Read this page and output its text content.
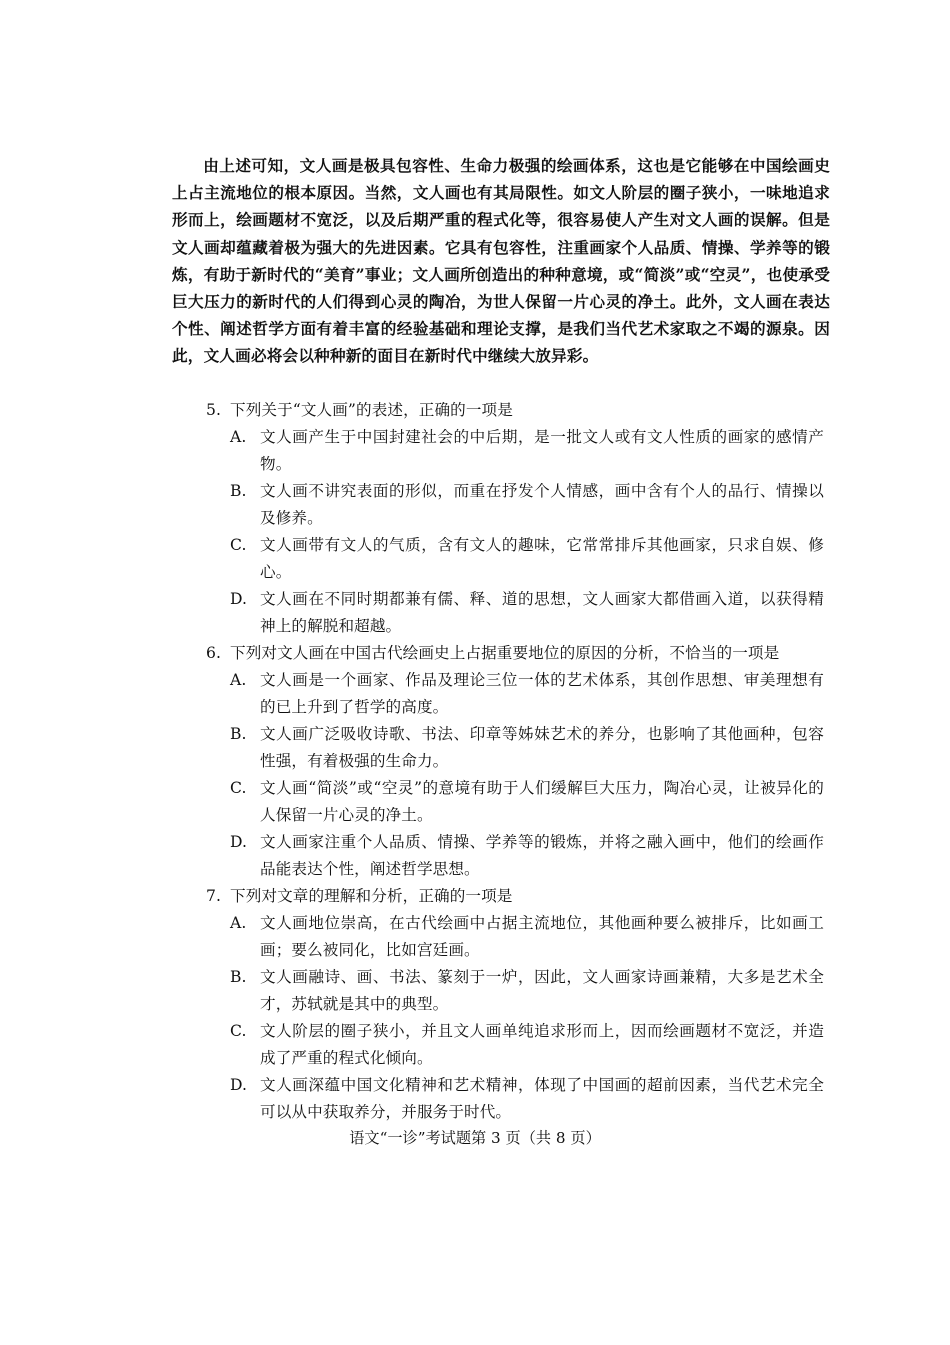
由上述可知，文人画是极具包容性、生命力极强的绘画体系，这也是它能够在中国绘画史上占主流地位的根本原因。当然，文人画也有其局限性。如文人阶层的圈子狭小，一味地追求形而上，绘画题材不宽泛，以及后期严重的程式化等，很容易使人产生对文人画的误解。但是文人画却蕴藏着极为强大的先进因素。它具有包容性，注重画家个人品质、情操、学养等的锻炼，有助于新时代的“美育”事业；文人画所创造出的种种意境，或“简淡”或“空灵”，也使承受巨大压力的新时代的人们得到心灵的陶冶，为世人保留一片心灵的净土。此外，文人画在表达个性、阐述哲学方面有着丰富的经验基础和理论支撑，是我们当代艺术家取之不竭的源泉。因此，文人画必将会以种种新的面目在新时代中继续大放异彩。

5. 下列关于“文人画”的表述，正确的一项是
A. 文人画产生于中国封建社会的中后期，是一批文人或有文人性质的画家的感情产物。
B. 文人画不讲究表面的形似，而重在抒发个人情感，画中含有个人的品行、情操以及修养。
C. 文人画带有文人的气质，含有文人的趣味，它常常排斥其他画家，只求自娱、修心。
D. 文人画在不同时期都兼有儒、释、道的思想，文人画家大都借画入道，以获得精神上的解脱和超越。
6. 下列对文人画在中国古代绘画史上占据重要地位的原因的分析，不恰当的一项是
A. 文人画是一个画家、作品及理论三位一体的艺术体系，其创作思想、审美理想有的已上升到了哲学的高度。
B. 文人画广泛吸收诗歌、书法、印章等姊妹艺术的养分，也影响了其他画种，包容性强，有着极强的生命力。
C. 文人画“简淡”或“空灵”的意境有助于人们缓解巨大压力，陶冶心灵，让被异化的人保留一片心灵的净土。
D. 文人画家注重个人品质、情操、学养等的锻炼，并将之融入画中，他们的绘画作品能表达个性，阐述哲学思想。
7. 下列对文章的理解和分析，正确的一项是
A. 文人画地位崇高，在古代绘画中占据主流地位，其他画种要么被排斥，比如画工画；要么被同化，比如宫廷画。
B. 文人画融诗、画、书法、篆刻于一炉，因此，文人画家诗画兼精，大多是艺术全才，苏轼就是其中的典型。
C. 文人阶层的圈子狭小，并且文人画单纯追求形而上，因而绘画题材不宽泛，并造成了严重的程式化倾向。
D. 文人画深蕴中国文化精神和艺术精神，体现了中国画的超前因素，当代艺术完全可以从中获取养分，并服务于时代。
语文“一诊”考试题第 3 页（共 8 页）
